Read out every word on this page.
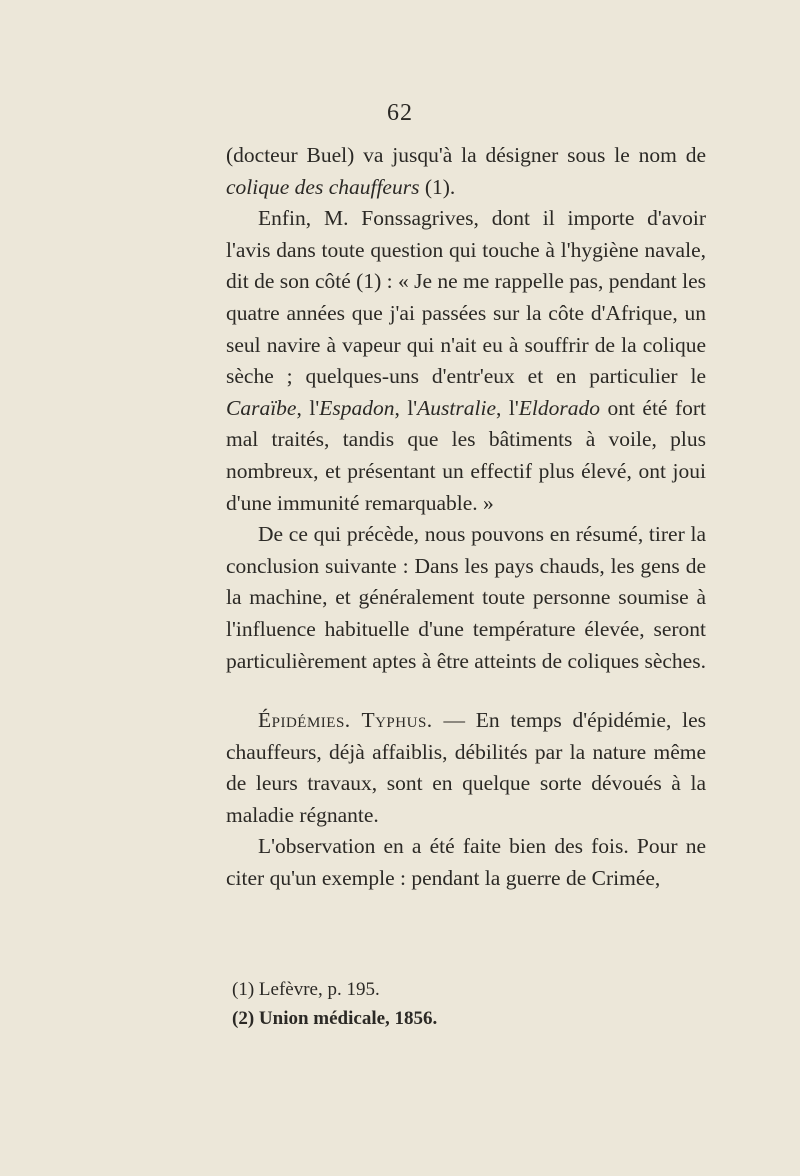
62

(docteur Buel) va jusqu'à la désigner sous le nom de colique des chauffeurs (1).

Enfin, M. Fonssagrives, dont il importe d'avoir l'avis dans toute question qui touche à l'hygiène navale, dit de son côté (1) : « Je ne me rappelle pas, pendant les quatre années que j'ai passées sur la côte d'Afrique, un seul navire à vapeur qui n'ait eu à souffrir de la colique sèche ; quelques-uns d'entr'eux et en particulier le Caraïbe, l'Espadon, l'Australie, l'Eldorado ont été fort mal traités, tandis que les bâtiments à voile, plus nombreux, et présentant un effectif plus élevé, ont joui d'une immunité remarquable. »

De ce qui précède, nous pouvons en résumé, tirer la conclusion suivante : Dans les pays chauds, les gens de la machine, et généralement toute personne soumise à l'influence habituelle d'une température élevée, seront particulièrement aptes à être atteints de coliques sèches.

Épidémies. Typhus. — En temps d'épidémie, les chauffeurs, déjà affaiblis, débilités par la nature même de leurs travaux, sont en quelque sorte dévoués à la maladie régnante.

L'observation en a été faite bien des fois. Pour ne citer qu'un exemple : pendant la guerre de Crimée,

(1) Lefèvre, p. 195.
(2) Union médicale, 1856.
